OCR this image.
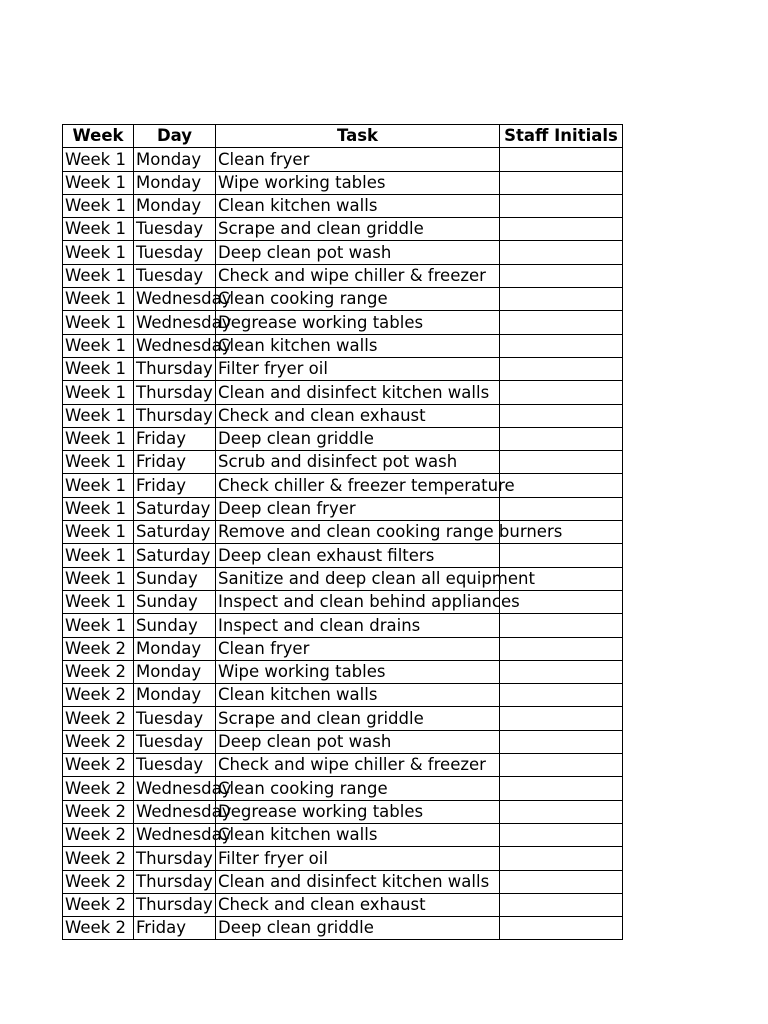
Week	Day	Task	Staff Initials
Week 1	Monday	Clean fryer	
Week 1	Monday	Wipe working tables	
Week 1	Monday	Clean kitchen walls	
Week 1	Tuesday	Scrape and clean griddle	
Week 1	Tuesday	Deep clean pot wash	
Week 1	Tuesday	Check and wipe chiller & freezer	
Week 1	Wednesday	Clean cooking range	
Week 1	Wednesday	Degrease working tables	
Week 1	Wednesday	Clean kitchen walls	
Week 1	Thursday	Filter fryer oil	
Week 1	Thursday	Clean and disinfect kitchen walls	
Week 1	Thursday	Check and clean exhaust	
Week 1	Friday	Deep clean griddle	
Week 1	Friday	Scrub and disinfect pot wash	
Week 1	Friday	Check chiller & freezer temperature	
Week 1	Saturday	Deep clean fryer	
Week 1	Saturday	Remove and clean cooking range burners	
Week 1	Saturday	Deep clean exhaust filters	
Week 1	Sunday	Sanitize and deep clean all equipment	
Week 1	Sunday	Inspect and clean behind appliances	
Week 1	Sunday	Inspect and clean drains	
Week 2	Monday	Clean fryer	
Week 2	Monday	Wipe working tables	
Week 2	Monday	Clean kitchen walls	
Week 2	Tuesday	Scrape and clean griddle	
Week 2	Tuesday	Deep clean pot wash	
Week 2	Tuesday	Check and wipe chiller & freezer	
Week 2	Wednesday	Clean cooking range	
Week 2	Wednesday	Degrease working tables	
Week 2	Wednesday	Clean kitchen walls	
Week 2	Thursday	Filter fryer oil	
Week 2	Thursday	Clean and disinfect kitchen walls	
Week 2	Thursday	Check and clean exhaust	
Week 2	Friday	Deep clean griddle	
